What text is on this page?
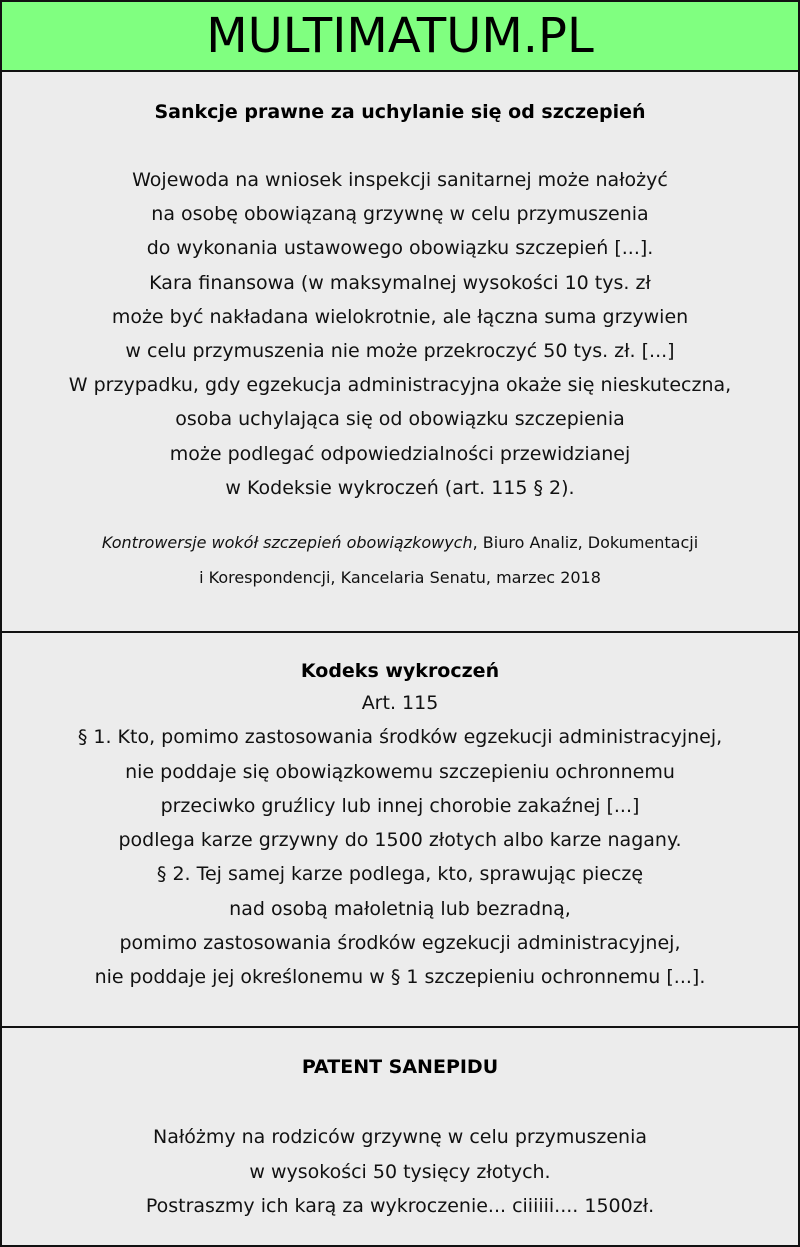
MULTIMATUM.PL
Sankcje prawne za uchylanie się od szczepień
Wojewoda na wniosek inspekcji sanitarnej może nałożyć
na osobę obowiązaną grzywnę w celu przymuszenia
do wykonania ustawowego obowiązku szczepień [...].
Kara finansowa (w maksymalnej wysokości 10 tys. zł
może być nakładana wielokrotnie, ale łączna suma grzywien
w celu przymuszenia nie może przekroczyć 50 tys. zł. [...]
W przypadku, gdy egzekucja administracyjna okaże się nieskuteczna,
osoba uchylająca się od obowiązku szczepienia
może podlegać odpowiedzialności przewidzianej
w Kodeksie wykroczeń (art. 115 § 2).
Kontrowersje wokół szczepień obowiązkowych, Biuro Analiz, Dokumentacji
i Korespondencji, Kancelaria Senatu, marzec 2018
Kodeks wykroczeń
Art. 115
§ 1. Kto, pomimo zastosowania środków egzekucji administracyjnej,
nie poddaje się obowiązkowemu szczepieniu ochronnemu
przeciwko gruźlicy lub innej chorobie zakaźnej [...]
podlega karze grzywny do 1500 złotych albo karze nagany.
§ 2. Tej samej karze podlega, kto, sprawując pieczę
nad osobą małoletnią lub bezradną,
pomimo zastosowania środków egzekucji administracyjnej,
nie poddaje jej określonemu w § 1 szczepieniu ochronnemu [...].
PATENT SANEPIDU
Nałóżmy na rodziców grzywnę w celu przymuszenia
w wysokości 50 tysięcy złotych.
Postraszmy ich karą za wykroczenie... ciiiiii.... 1500zł.
